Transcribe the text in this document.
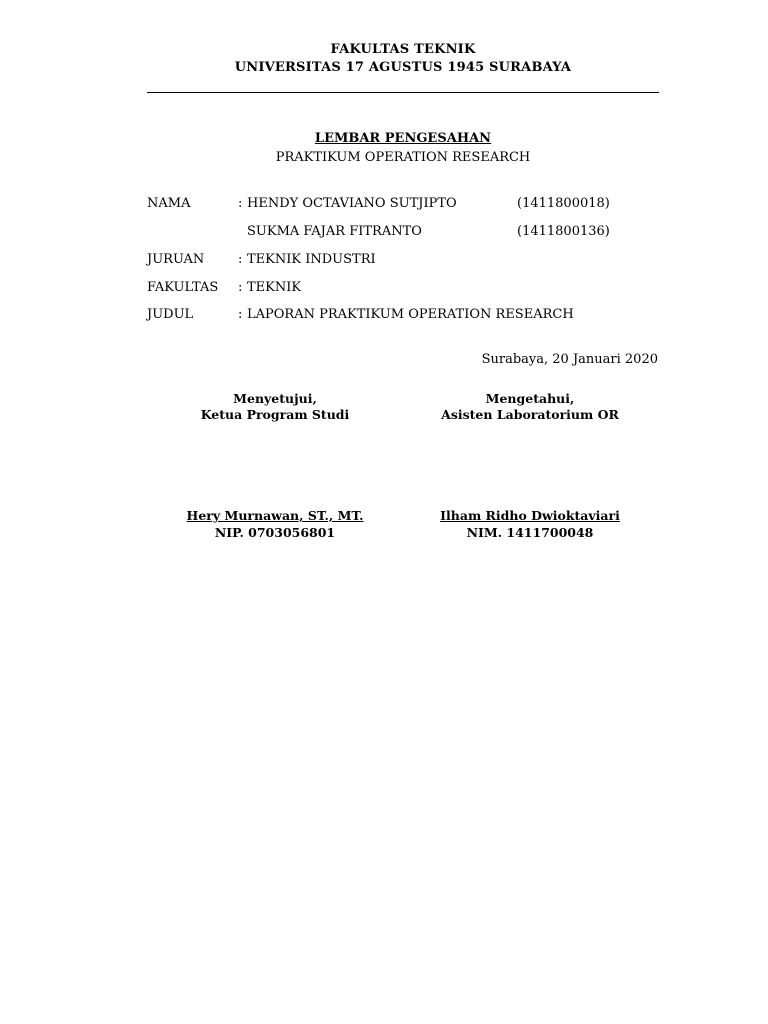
FAKULTAS TEKNIK
UNIVERSITAS 17 AGUSTUS 1945 SURABAYA
LEMBAR PENGESAHAN
PRAKTIKUM OPERATION RESEARCH
NAMA	: HENDY OCTAVIANO SUTJIPTO	(1411800018)
SUKMA FAJAR FITRANTO	(1411800136)
JURUAN	: TEKNIK INDUSTRI
FAKULTAS : TEKNIK
JUDUL	: LAPORAN PRAKTIKUM OPERATION RESEARCH
Surabaya, 20 Januari 2020
Menyetujui,
Ketua Program Studi
Mengetahui,
Asisten Laboratorium OR
Hery Murnawan, ST., MT.
NIP. 0703056801
Ilham Ridho Dwioktaviari
NIM. 1411700048
